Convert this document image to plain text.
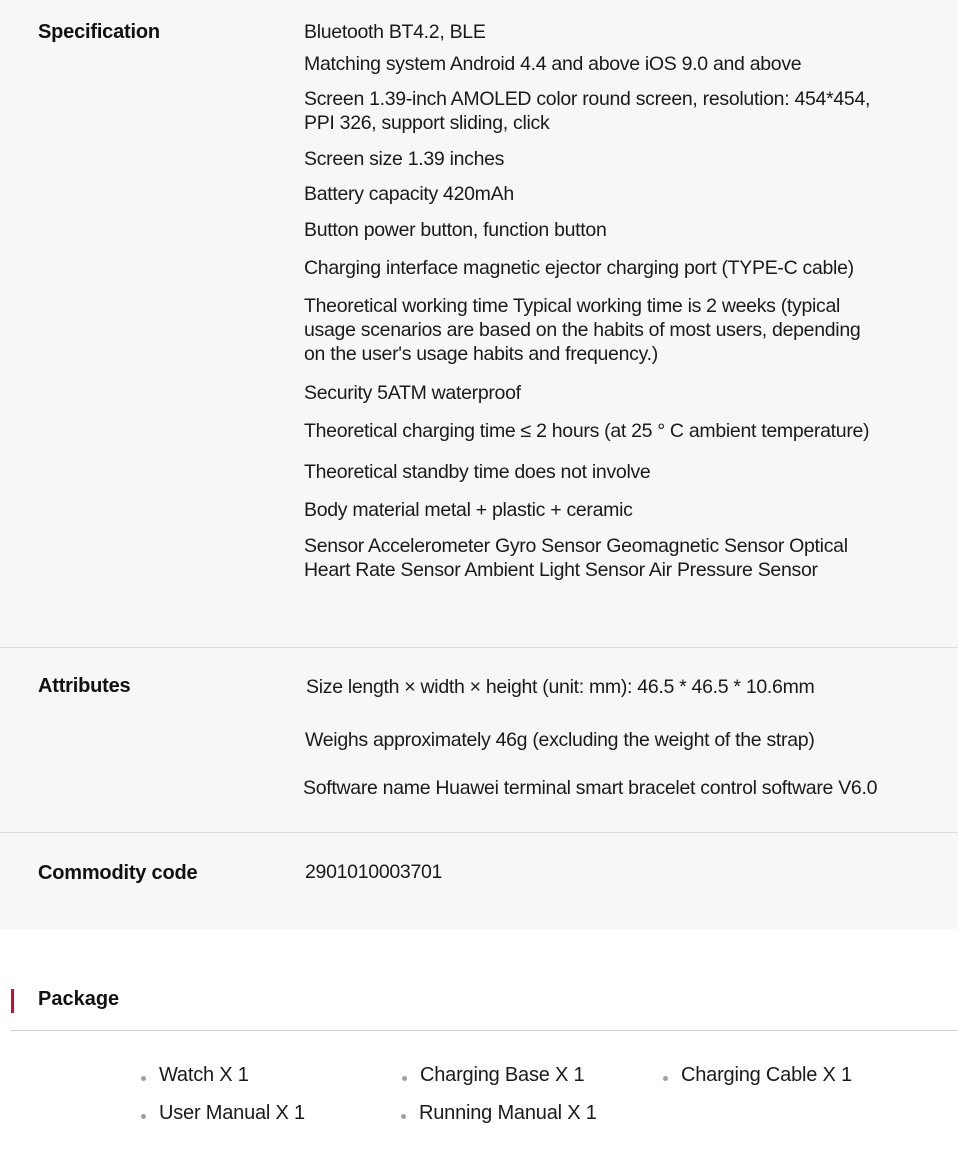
Specification	Bluetooth BT4.2, BLE
Matching system Android 4.4 and above iOS 9.0 and above
Screen 1.39-inch AMOLED color round screen, resolution: 454*454,
PPI 326, support sliding, click
Screen size 1.39 inches
Battery capacity 420mAh
Button power button, function button
Charging interface magnetic ejector charging port (TYPE-C cable)
Theoretical working time Typical working time is 2 weeks (typical
usage scenarios are based on the habits of most users, depending
on the user's usage habits and frequency.)
Security 5ATM waterproof
Theoretical charging time ≤ 2 hours (at 25 ° C ambient temperature)
Theoretical standby time does not involve
Body material metal + plastic + ceramic
Sensor Accelerometer Gyro Sensor Geomagnetic Sensor Optical
Heart Rate Sensor Ambient Light Sensor Air Pressure Sensor
Attributes	Size length × width × height (unit: mm): 46.5 * 46.5 * 10.6mm
Weighs approximately 46g (excluding the weight of the strap)
Software name Huawei terminal smart bracelet control software V6.0
Commodity code	2901010003701
Package
Watch X 1	Charging Base X 1	Charging Cable X 1
User Manual X 1	Running Manual X 1
